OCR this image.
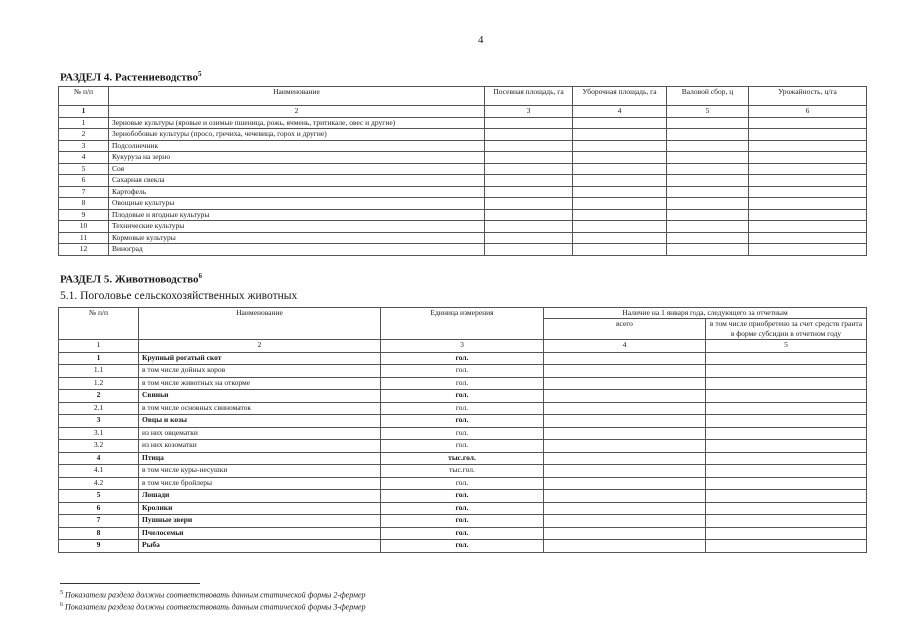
4
РАЗДЕЛ 4. Растениеводство$^5$
№ п/п	Наименование	Посевная площадь, га	Уборочная площадь, га	Валовой сбор, ц	Урожайность, ц/га
1	2	3	4	5	6
1	Зерновые культуры (яровые и озимые пшеница, рожь, ячмень, тритикале, овес и другие)				
2	Зернобобовые культуры (просо, гречиха, чечевица, горох и другие)				
3	Подсолнечник				
4	Кукуруза на зерно				
5	Соя				
6	Сахарная свекла				
7	Картофель				
8	Овощные культуры				
9	Плодовые и ягодные культуры				
10	Технические культуры				
11	Кормовые культуры				
12	Виноград				
РАЗДЕЛ 5. Животноводство$^6$
5.1. Поголовье сельскохозяйственных животных
№ п/п	Наименование	Единица измерения	Наличие на 1 января года, следующего за отчетным	
			всего	в том числе приобретено за счет средств гранта в форме субсидии в отчетном году
1	2	3	4	5
1	Крупный рогатый скот	гол.		
1.1	в том числе дойных коров	гол.		
1.2	в том числе животных на откорме	гол.		
2	Свиньи	гол.		
2.1	в том числе основных свиноматок	гол.		
3	Овцы и козы	гол.		
3.1	из них овцематки	гол.		
3.2	из них козоматки	гол.		
4	Птица	тыс.гол.		
4.1	в том числе куры-несушки	тыс.гол.		
4.2	в том числе бройлеры	гол.		
5	Лошади	гол.		
6	Кролики	гол.		
7	Пушные звери	гол.		
8	Пчелосемьи	гол.		
9	Рыба	гол.		
$^5$ Показатели раздела должны соответствовать данным статической формы 2-фермер
$^6$ Показатели раздела должны соответствовать данным статической формы 3-фермер
